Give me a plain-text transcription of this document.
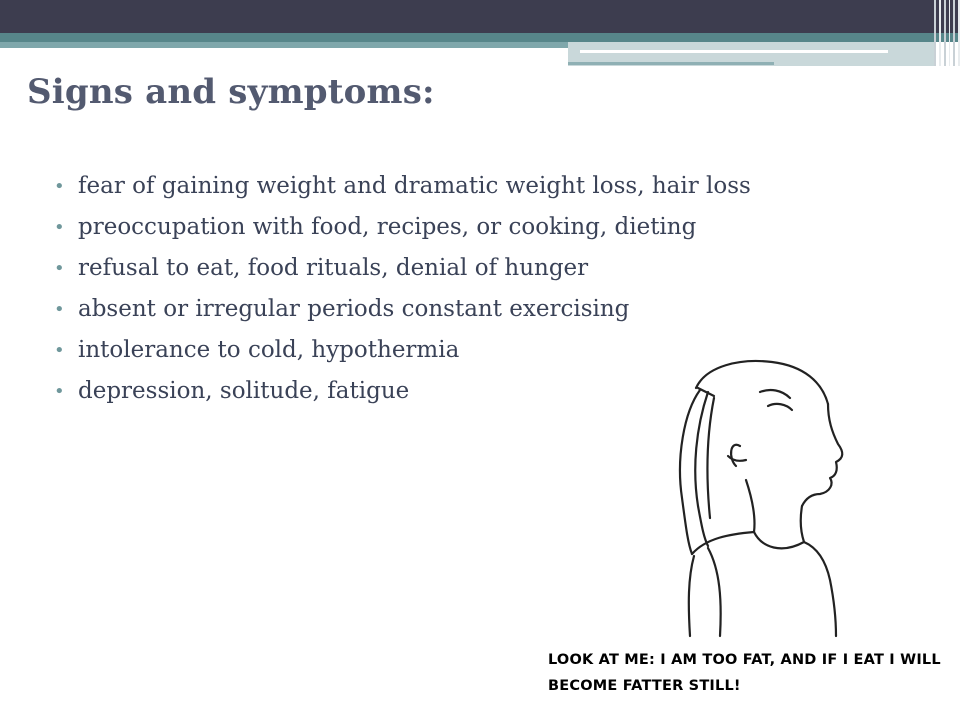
Signs and symptoms:
• fear of gaining weight and dramatic weight loss, hair loss
• preoccupation with food, recipes, or cooking, dieting
• refusal to eat, food rituals, denial of hunger
• absent or irregular periods constant exercising
• intolerance to cold, hypothermia
• depression, solitude, fatigue
LOOK AT ME: I AM TOO FAT, AND IF I EAT I WILL
BECOME FATTER STILL!
